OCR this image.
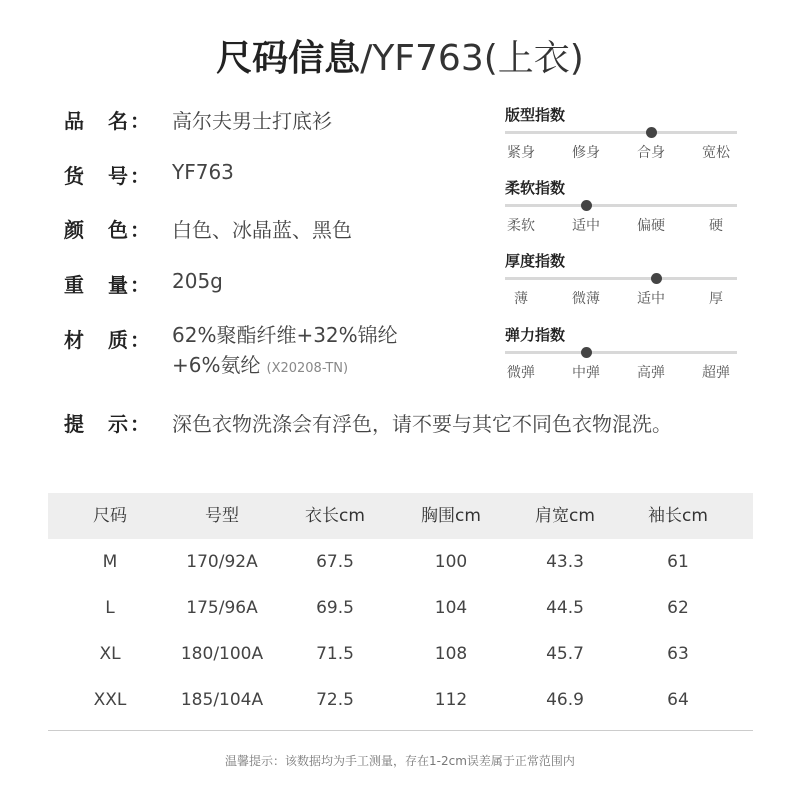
尺码信息/YF763(上衣)
品　名：	高尔夫男士打底衫
货　号：	YF763
颜　色：	白色、冰晶蓝、黑色
重　量：	205g
材　质：	62%聚酯纤维+32%锦纶
+6%氨纶 (X20208-TN)
提　示：	深色衣物洗涤会有浮色，请不要与其它不同色衣物混洗。
版型指数
紧身	修身	合身	宽松
柔软指数
柔软	适中	偏硬	硬
厚度指数
薄	微薄	适中	厚
弹力指数
微弹	中弹	高弹	超弹
尺码	号型	衣长cm	胸围cm	肩宽cm	袖长cm
M	170/92A	67.5	100	43.3	61
L	175/96A	69.5	104	44.5	62
XL	180/100A	71.5	108	45.7	63
XXL	185/104A	72.5	112	46.9	64
温馨提示：该数据均为手工测量，存在1-2cm误差属于正常范围内
